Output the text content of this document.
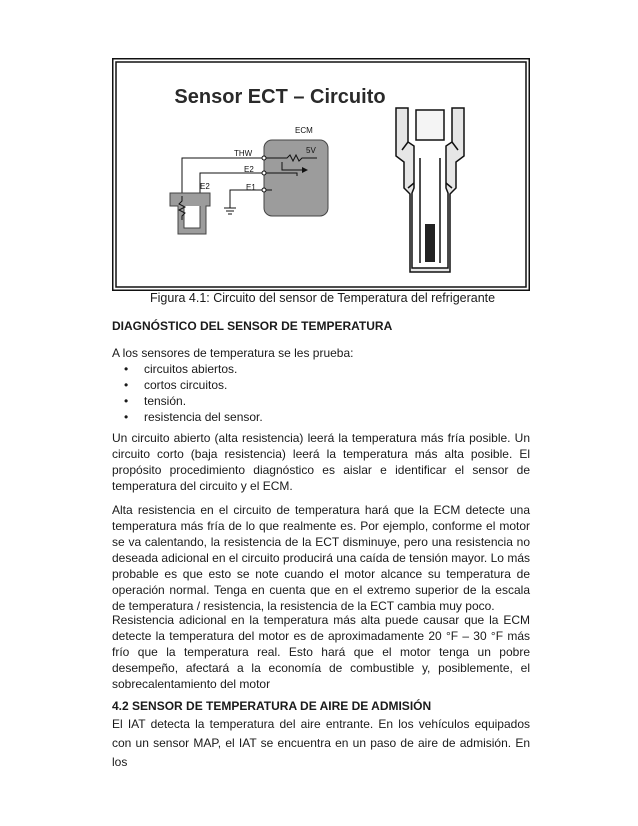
Sensor ECT – Circuito
ECM
THW
E2
E1
5V
E2
Figura 4.1: Circuito del sensor de Temperatura del refrigerante
DIAGNÓSTICO DEL SENSOR DE TEMPERATURA
A los sensores de temperatura se les prueba:
• circuitos abiertos.
• cortos circuitos.
• tensión.
• resistencia del sensor.
Un circuito abierto (alta resistencia) leerá la temperatura más fría posible. Un circuito corto (baja resistencia) leerá la temperatura más alta posible. El propósito procedimiento diagnóstico es aislar e identificar el sensor de temperatura del circuito y el ECM.
Alta resistencia en el circuito de temperatura hará que la ECM detecte una temperatura más fría de lo que realmente es. Por ejemplo, conforme el motor se va calentando, la resistencia de la ECT disminuye, pero una resistencia no deseada adicional en el circuito producirá una caída de tensión mayor. Lo más probable es que esto se note cuando el motor alcance su temperatura de operación normal. Tenga en cuenta que en el extremo superior de la escala de temperatura / resistencia, la resistencia de la ECT cambia muy poco.
Resistencia adicional en la temperatura más alta puede causar que la ECM detecte la temperatura del motor es de aproximadamente 20 °F – 30 °F más frío que la temperatura real. Esto hará que el motor tenga un pobre desempeño, afectará a la economía de combustible y, posiblemente, el sobrecalentamiento del motor
4.2 SENSOR DE TEMPERATURA DE AIRE DE ADMISIÓN
El IAT detecta la temperatura del aire entrante. En los vehículos equipados con un sensor MAP, el IAT se encuentra en un paso de aire de admisión. En los
